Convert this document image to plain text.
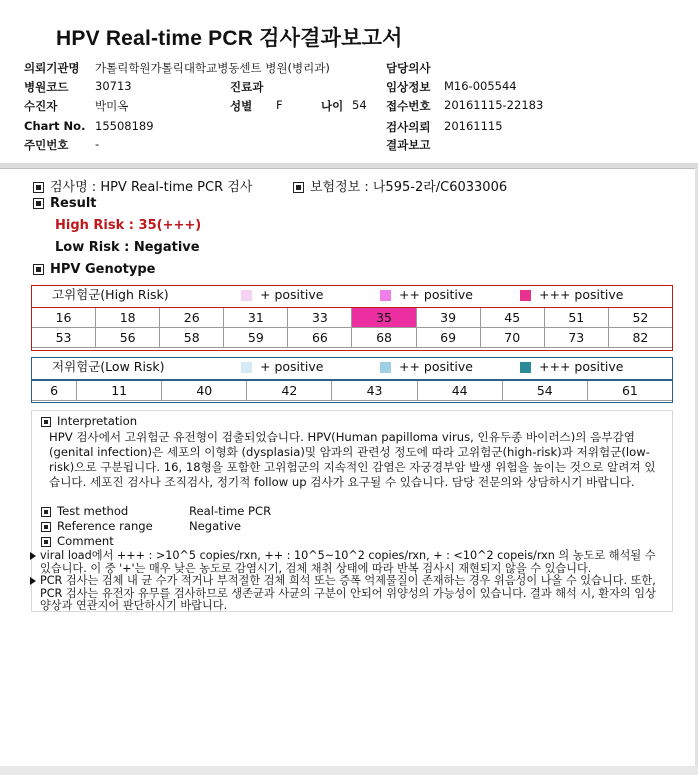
HPV Real-time PCR 검사결과보고서
의뢰기관명 가톨릭학원가톨릭대학교병동센트 병원(병리과)	담당의사
병원코드 30713	진료과	임상정보 M16-005544
수진자	박미옥	성별 F	나이 54 접수번호 20161115-22183
Chart No. 15508189	검사의뢰 20161115
주민번호 -	결과보고
검사명 : HPV Real-time PCR 검사	보험정보 : 나595-2라/C6033006
Result
High Risk : 35(+++)
Low Risk : Negative
HPV Genotype
고위험군(High Risk)	+ positive	++ positive	+++ positive
16	18	26	31	33	35	39	45	51	52
53	56	58	59	66	68	69	70	73	82
저위험군(Low Risk)	+ positive	++ positive	+++ positive
6	11	40	42	43	44	54	61
Interpretation
HPV 검사에서 고위험군 유전형이 검출되었습니다. HPV(Human papilloma virus, 인유두종 바이러스)의 음부감염(genital infection)은 세포의 이형화 (dysplasia)및 암과의 관련성 정도에 따라 고위험군(high-risk)과 저위험군(low-risk)으로 구분됩니다. 16, 18형을 포함한 고위험군의 지속적인 감염은 자궁경부암 발생 위험을 높이는 것으로 알려져 있습니다. 세포진 검사나 조직검사, 정기적 follow up 검사가 요구될 수 있습니다. 담당 전문의와 상담하시기 바랍니다.
Test method	Real-time PCR
Reference range	Negative
Comment
viral load에서 +++ : >10^5 copies/rxn, ++ : 10^5~10^2 copies/rxn, + : <10^2 copeis/rxn 의 농도로 해석될 수 있습니다. 이 중 '+'는 매우 낮은 농도로 감염시기, 검체 채취 상태에 따라 반복 검사시 재현되지 않을 수 있습니다.
PCR 검사는 검체 내 균 수가 적거나 부적절한 검체 희석 또는 증폭 억제물질이 존재하는 경우 위음성이 나올 수 있습니다. 또한, PCR 검사는 유전자 유무를 검사하므로 생존균과 사균의 구분이 안되어 위양성의 가능성이 있습니다. 결과 해석 시, 환자의 임상 양상과 연관지어 판단하시기 바랍니다.
